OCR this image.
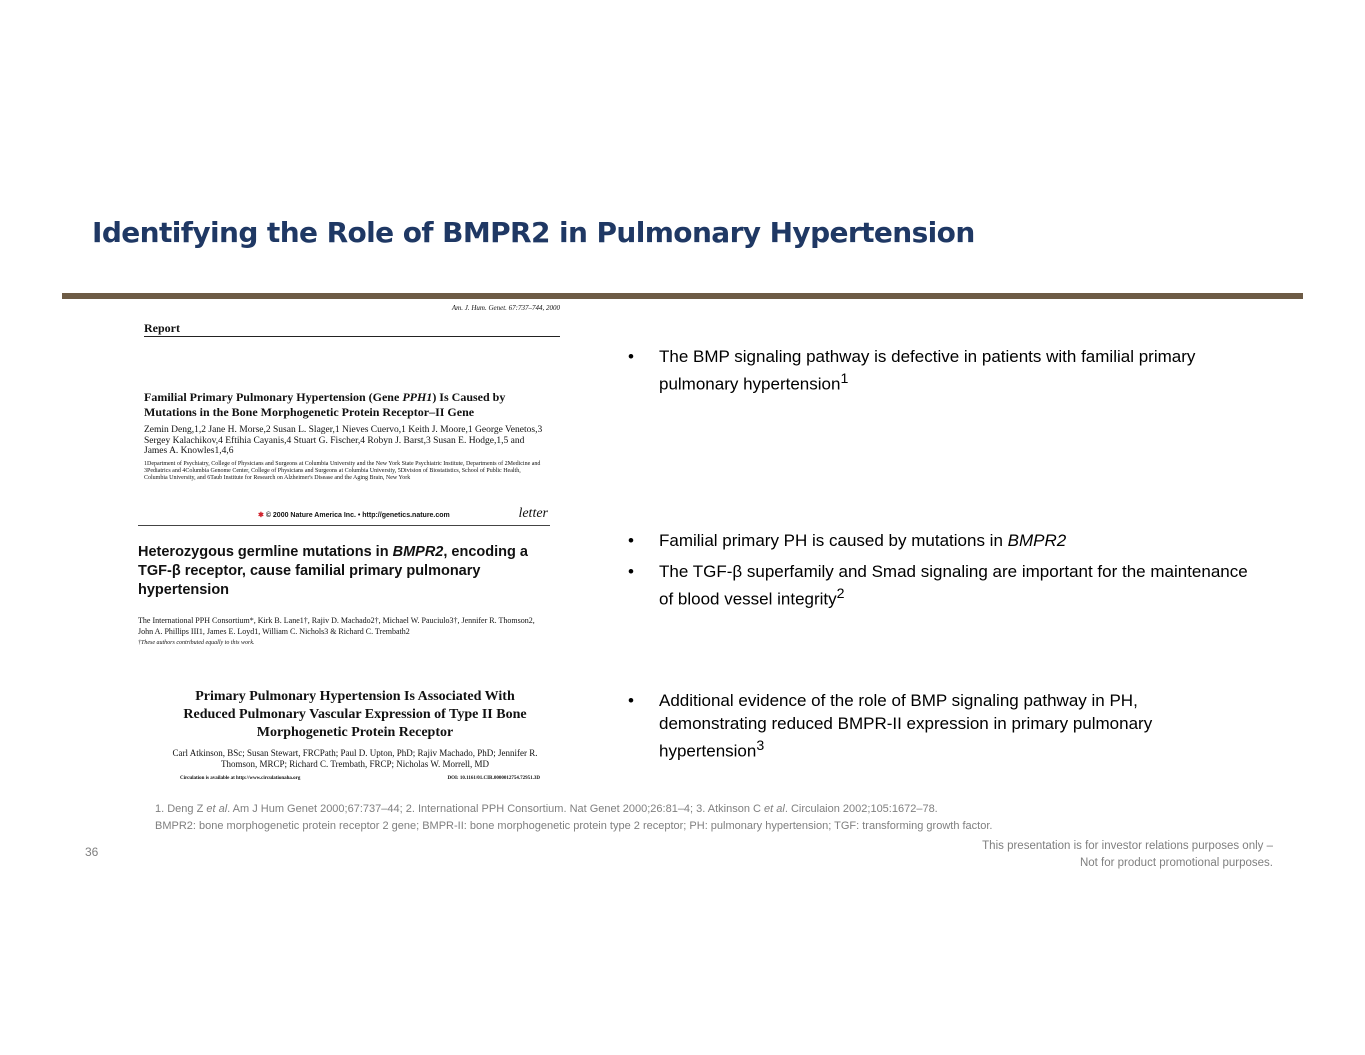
Identifying the Role of BMPR2 in Pulmonary Hypertension
Am. J. Hum. Genet. 67:737–744, 2000
Report
Familial Primary Pulmonary Hypertension (Gene PPH1) Is Caused by Mutations in the Bone Morphogenetic Protein Receptor–II Gene
Zemin Deng,1,2 Jane H. Morse,2 Susan L. Slager,1 Nieves Cuervo,1 Keith J. Moore,1 George Venetos,3 Sergey Kalachikov,4 Eftihia Cayanis,4 Stuart G. Fischer,4 Robyn J. Barst,3 Susan E. Hodge,1,5 and James A. Knowles1,4,6
1Department of Psychiatry, College of Physicians and Surgeons at Columbia University and the New York State Psychiatric Institute, Departments of 2Medicine and 3Pediatrics and 4Columbia Genome Center, College of Physicians and Surgeons at Columbia University, 5Division of Biostatistics, School of Public Health, Columbia University, and 6Taub Institute for Research on Alzheimer's Disease and the Aging Brain, New York
✱ © 2000 Nature America Inc. • http://genetics.nature.com	letter
Heterozygous germline mutations in BMPR2, encoding a TGF-β receptor, cause familial primary pulmonary hypertension
The International PPH Consortium*, Kirk B. Lane1†, Rajiv D. Machado2†, Michael W. Pauciulo3†, Jennifer R. Thomson2, John A. Phillips III1, James E. Loyd1, William C. Nichols3 & Richard C. Trembath2
†These authors contributed equally to this work.
Primary Pulmonary Hypertension Is Associated With Reduced Pulmonary Vascular Expression of Type II Bone Morphogenetic Protein Receptor
Carl Atkinson, BSc; Susan Stewart, FRCPath; Paul D. Upton, PhD; Rajiv Machado, PhD; Jennifer R. Thomson, MRCP; Richard C. Trembath, FRCP; Nicholas W. Morrell, MD
Circulation is available at http://www.circulationaha.org	DOI: 10.1161/01.CIR.0000012754.72951.3D
• The BMP signaling pathway is defective in patients with familial primary pulmonary hypertension$^1$
• Familial primary PH is caused by mutations in BMPR2
• The TGF-β superfamily and Smad signaling are important for the maintenance of blood vessel integrity$^2$
• Additional evidence of the role of BMP signaling pathway in PH, demonstrating reduced BMPR-II expression in primary pulmonary hypertension$^3$
1. Deng Z et al. Am J Hum Genet 2000;67:737–44; 2. International PPH Consortium. Nat Genet 2000;26:81–4; 3. Atkinson C et al. Circulaion 2002;105:1672–78.
BMPR2: bone morphogenetic protein receptor 2 gene; BMPR-II: bone morphogenetic protein type 2 receptor; PH: pulmonary hypertension; TGF: transforming growth factor.
36	This presentation is for investor relations purposes only –
Not for product promotional purposes.
